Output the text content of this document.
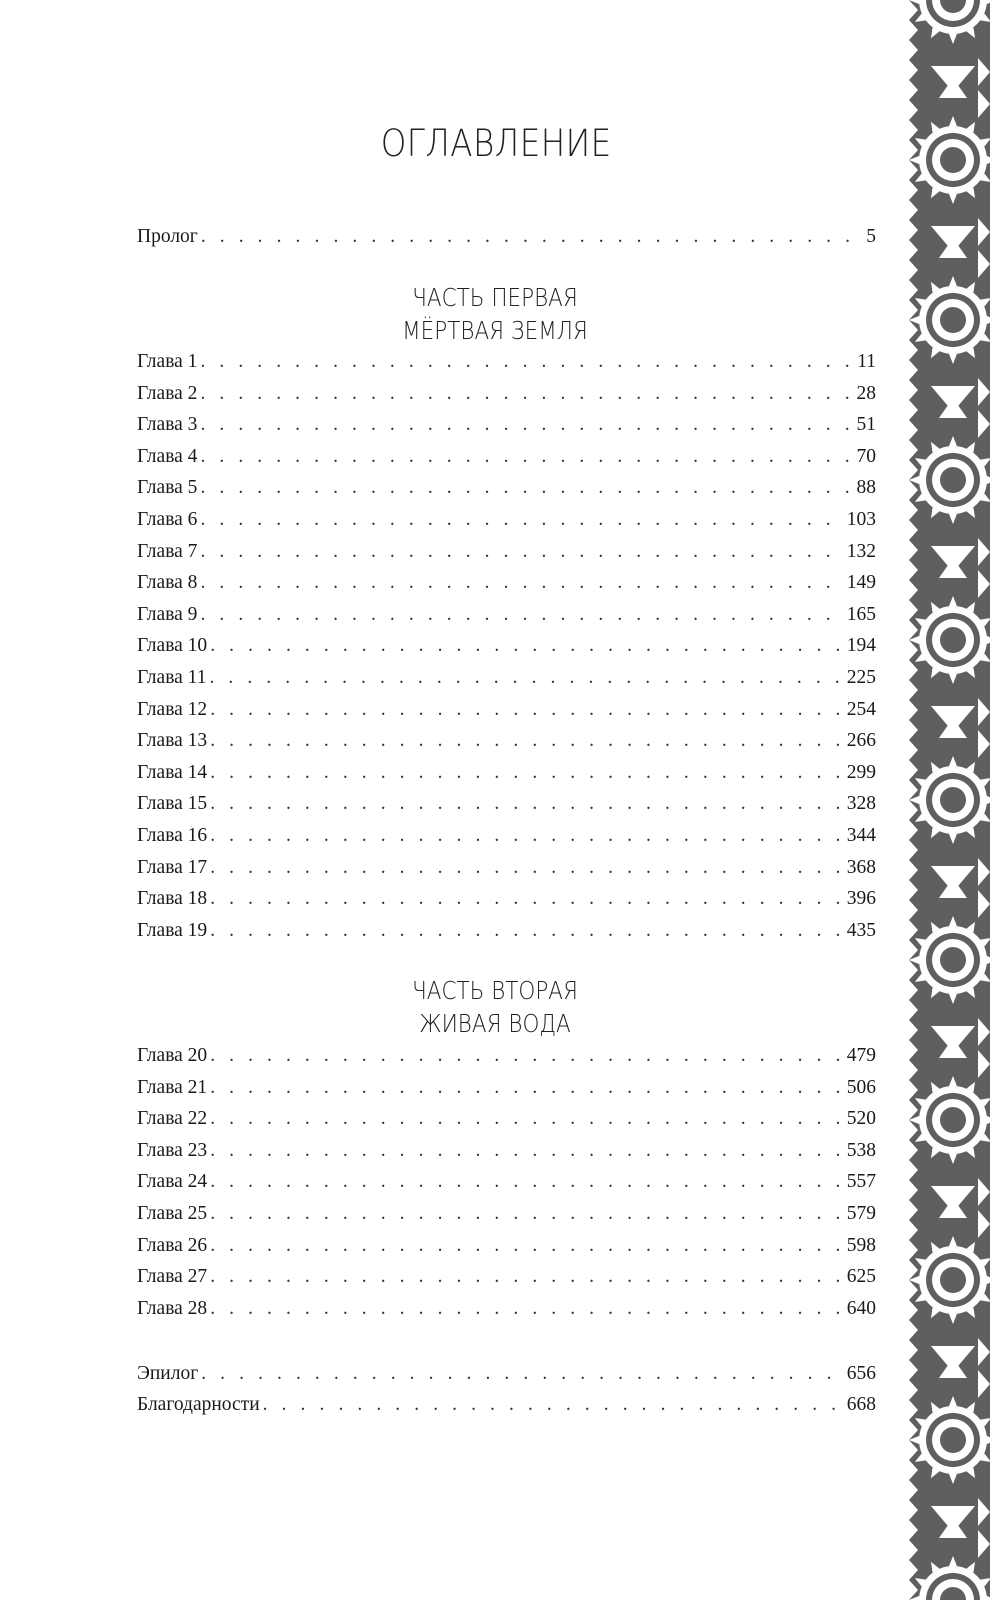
ОГЛАВЛЕНИЕ
Пролог . . .	5
Глава 1 . . .	11
Глава 2 . . .	28
Глава 3 . . .	51
Глава 4 . . .	70
Глава 5 . . .	88
Глава 6 . . .	103
Глава 7 . . .	132
Глава 8 . . .	149
Глава 9 . . .	165
Глава 10 . . .	194
Глава 11 . . .	225
Глава 12 . . .	254
Глава 13 . . .	266
Глава 14 . . .	299
Глава 15 . . .	328
Глава 16 . . .	344
Глава 17 . . .	368
Глава 18 . . .	396
Глава 19 . . .	435
Глава 20 . . .	479
Глава 21 . . .	506
Глава 22 . . .	520
Глава 23 . . .	538
Глава 24 . . .	557
Глава 25 . . .	579
Глава 26 . . .	598
Глава 27 . . .	625
Глава 28 . . .	640
Эпилог . . .	656
Благодарности . . .	668
ЧАСТЬ ПЕРВАЯ
МЁРТВАЯ ЗЕМЛЯ
ЧАСТЬ ВТОРАЯ
ЖИВАЯ ВОДА
